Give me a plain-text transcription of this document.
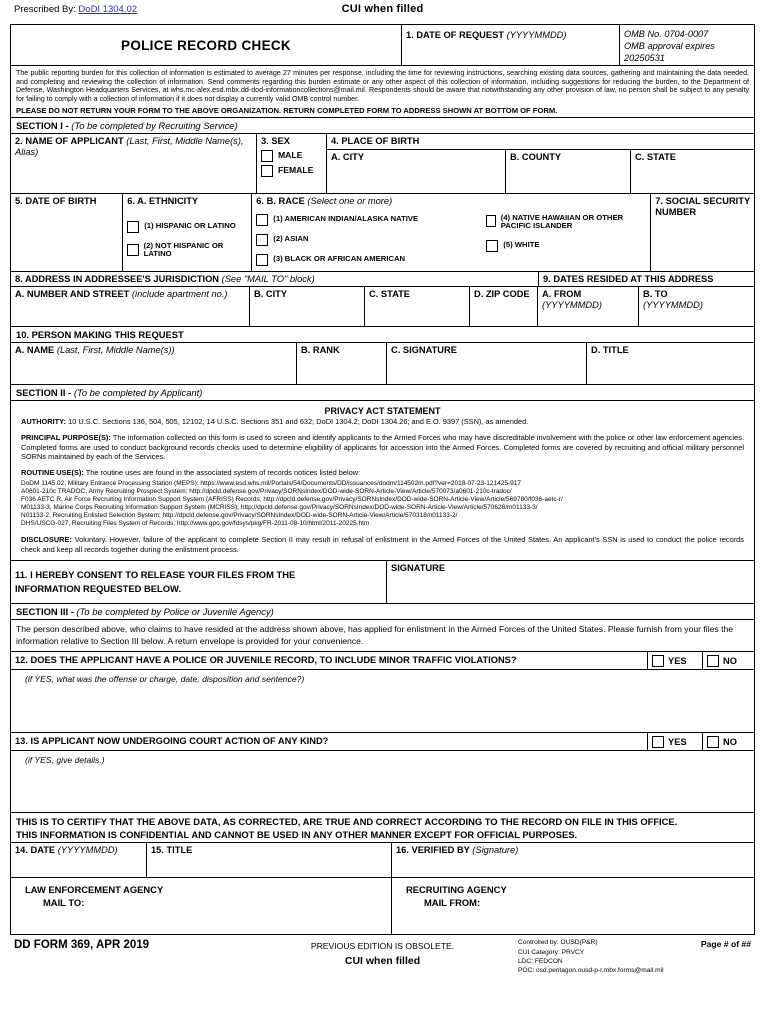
Prescribed By: DoDI 1304.02	CUI when filled
POLICE RECORD CHECK
1. DATE OF REQUEST (YYYYMMDD)	OMB No. 0704-0007
OMB approval expires
20250531
The public reporting burden for this collection of information is estimated to average 27 minutes per response, including the time for reviewing instructions, searching existing data sources, gathering and maintaining the data needed, and completing and reviewing the collection of information. Send comments regarding this burden estimate or any other aspect of this collection of information, including suggestions for reducing the burden, to the Department of Defense, Washington Headquarters Services, at whs.mc-alex.esd.mbx.dd-dod-informationcollections@mail.mil. Respondents should be aware that notwithstanding any other provision of law, no person shall be subject to any penalty for failing to comply with a collection of information if it does not display a currently valid OMB control number.
PLEASE DO NOT RETURN YOUR FORM TO THE ABOVE ORGANIZATION. RETURN COMPLETED FORM TO ADDRESS SHOWN AT BOTTOM OF FORM.
SECTION I - (To be completed by Recruiting Service)
2. NAME OF APPLICANT (Last, First, Middle Name(s), Alias)
3. SEX
MALE
FEMALE
4. PLACE OF BIRTH
A. CITY	B. COUNTY	C. STATE
5. DATE OF BIRTH	6. A. ETHNICITY
(1) HISPANIC OR LATINO
(2) NOT HISPANIC OR LATINO
6. B. RACE (Select one or more)
(1) AMERICAN INDIAN/ALASKA NATIVE
(2) ASIAN
(3) BLACK OR AFRICAN AMERICAN
(4) NATIVE HAWAIIAN OR OTHER PACIFIC ISLANDER
(5) WHITE
7. SOCIAL SECURITY NUMBER
8. ADDRESS IN ADDRESSEE'S JURISDICTION (See "MAIL TO" block)	9. DATES RESIDED AT THIS ADDRESS
A. NUMBER AND STREET (include apartment no.)	B. CITY	C. STATE	D. ZIP CODE	A. FROM
(YYYYMMDD)
B. TO
(YYYYMMDD)
10. PERSON MAKING THIS REQUEST
A. NAME (Last, First, Middle Name(s))	B. RANK	C. SIGNATURE	D. TITLE
SECTION II - (To be completed by Applicant)
PRIVACY ACT STATEMENT

AUTHORITY: 10 U.S.C. Sections 136, 504, 505, 12102; 14 U.S.C. Sections 351 and 632; DoDI 1304.2; DoDI 1304.26; and E.O. 9397 (SSN), as amended.

PRINCIPAL PURPOSE(S): The information collected on this form is used to screen and identify applicants to the Armed Forces who may have discreditable involvement with the police or other law enforcement agencies. Completed forms are used to conduct background records checks used to determine eligibility of applicants for accession into the Armed Forces. Completed forms are covered by recruiting and official military personnel SORNs maintained by each of the Services.

ROUTINE USE(S): The routine uses are found in the associated system of records notices listed below:

DoDM 1145.02, Military Entrance Processing Station (MEPS): https://www.esd.whs.mil/Portals/54/Documents/DD/issuances/dodm/114502m.pdf?ver=2018-07-23-121425-917
A0601-210c TRADOC, Army Recruiting Prospect System; http://dpcld.defense.gov/Privacy/SORNsIndex/DOD-wide-SORN-Article-View/Article/570073/a0601-210c-tradoc/
F036 AETC R, Air Force Recruiting Information Support System (AFRISS) Records; http://dpcld.defense.gov/Privacy/SORNsIndex/DOD-wide-SORN-Article-View/Article/569780/f036-aetc-r/
M01133-3, Marine Corps Recruiting Information Support System (MCRISS); http://dpcld.defense.gov/Privacy/SORNsIndex/DOD-wide-SORN-Article-View/Article/570628/m01133-3/
N01133-2, Recruiting Enlisted Selection System; http://dpcld.defense.gov/Privacy/SORNsIndex/DOD-wide-SORN-Article-View/Article/570318/n01133-2/
DHS/USCG-027, Recruiting Files System of Records; http://www.gpo.gov/fdsys/pkg/FR-2011-08-10/html/2011-20225.htm

DISCLOSURE: Voluntary. However, failure of the applicant to complete Section II may result in refusal of enlistment in the Armed Forces of the United States. An applicant's SSN is used to conduct the police records check and keep all records together during the enlistment process.

11. I HEREBY CONSENT TO RELEASE YOUR FILES FROM THE
INFORMATION REQUESTED BELOW.
SIGNATURE
SECTION III - (To be completed by Police or Juvenile Agency)
The person described above, who claims to have resided at the address shown above, has applied for enlistment in the Armed Forces of the United States. Please furnish from your files the information relative to Section III below. A return envelope is provided for your convenience.
12. DOES THE APPLICANT HAVE A POLICE OR JUVENILE RECORD, TO INCLUDE MINOR TRAFFIC VIOLATIONS?	YES	NO
(if YES, what was the offense or charge, date, disposition and sentence?)
13. IS APPLICANT NOW UNDERGOING COURT ACTION OF ANY KIND?	YES	NO
(if YES, give details.)
THIS IS TO CERTIFY THAT THE ABOVE DATA, AS CORRECTED, ARE TRUE AND CORRECT ACCORDING TO THE RECORD ON FILE IN THIS OFFICE.
THIS INFORMATION IS CONFIDENTIAL AND CANNOT BE USED IN ANY OTHER MANNER EXCEPT FOR OFFICIAL PURPOSES.
14. DATE (YYYYMMDD)	15. TITLE	16. VERIFIED BY (Signature)
LAW ENFORCEMENT AGENCY
MAIL TO:
RECRUITING AGENCY
MAIL FROM:
DD FORM 369, APR 2019	PREVIOUS EDITION IS OBSOLETE.
CUI when filled
Controlled by: OUSD(P&R)
CUI Category: PRVCY
LDC: FEDCON
POC: osd.pentagon.ousd-p-r.mbx.forms@mail.mil
Page # of ##
